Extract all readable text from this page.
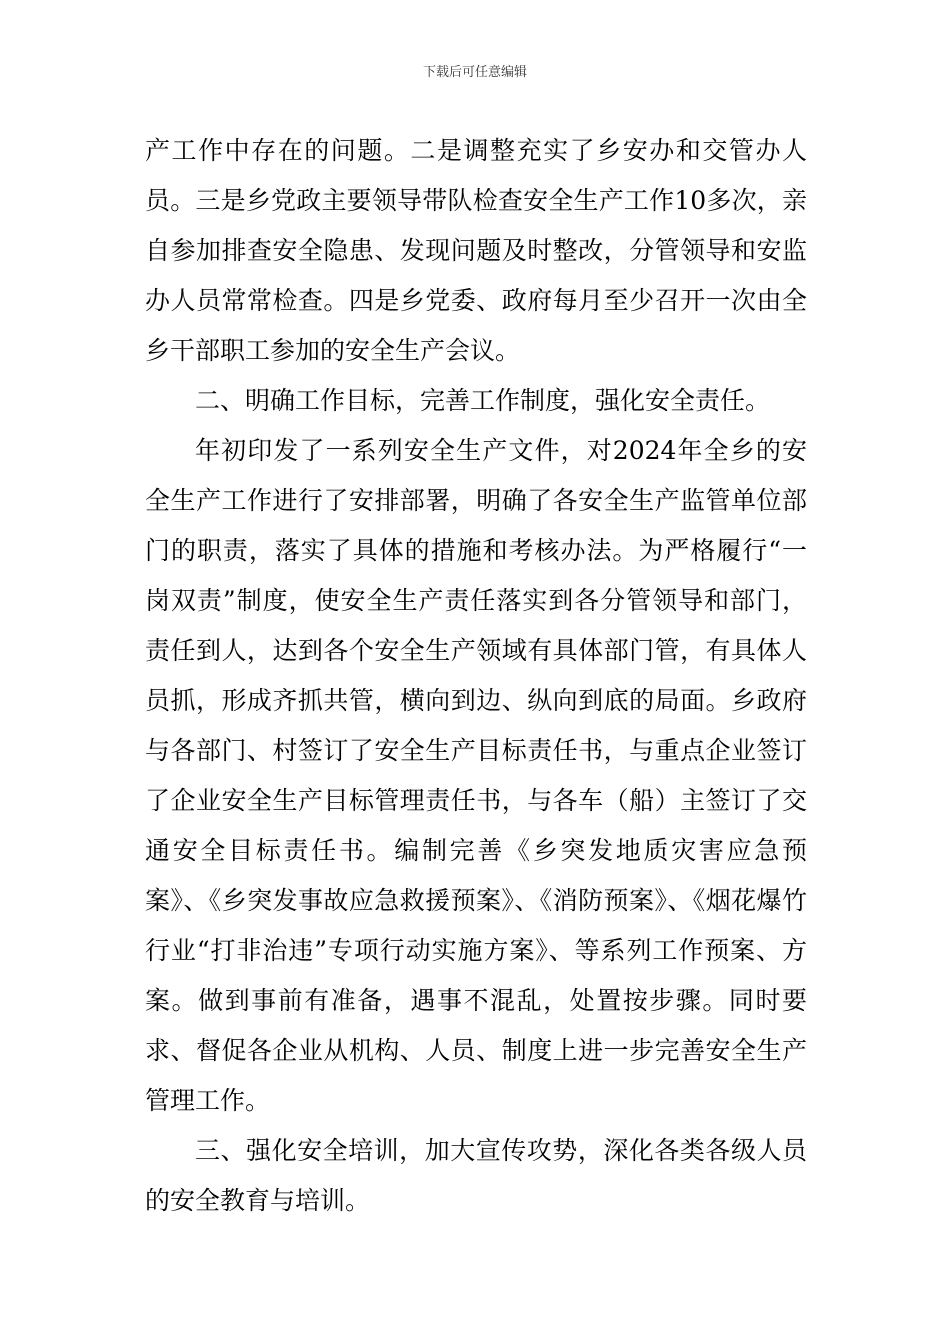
下载后可任意编辑

产工作中存在的问题。二是调整充实了乡安办和交管办人员。三是乡党政主要领导带队检查安全生产工作10多次，亲自参加排查安全隐患、发现问题及时整改，分管领导和安监办人员常常检查。四是乡党委、政府每月至少召开一次由全乡干部职工参加的安全生产会议。

二、明确工作目标，完善工作制度，强化安全责任。

年初印发了一系列安全生产文件，对2024年全乡的安全生产工作进行了安排部署，明确了各安全生产监管单位部门的职责，落实了具体的措施和考核办法。为严格履行“一岗双责”制度，使安全生产责任落实到各分管领导和部门，责任到人，达到各个安全生产领域有具体部门管，有具体人员抓，形成齐抓共管，横向到边、纵向到底的局面。乡政府与各部门、村签订了安全生产目标责任书，与重点企业签订了企业安全生产目标管理责任书，与各车（船）主签订了交通安全目标责任书。编制完善《乡突发地质灾害应急预案》、《乡突发事故应急救援预案》、《消防预案》、《烟花爆竹行业“打非治违”专项行动实施方案》、等系列工作预案、方案。做到事前有准备，遇事不混乱，处置按步骤。同时要求、督促各企业从机构、人员、制度上进一步完善安全生产管理工作。

三、强化安全培训，加大宣传攻势，深化各类各级人员的安全教育与培训。
